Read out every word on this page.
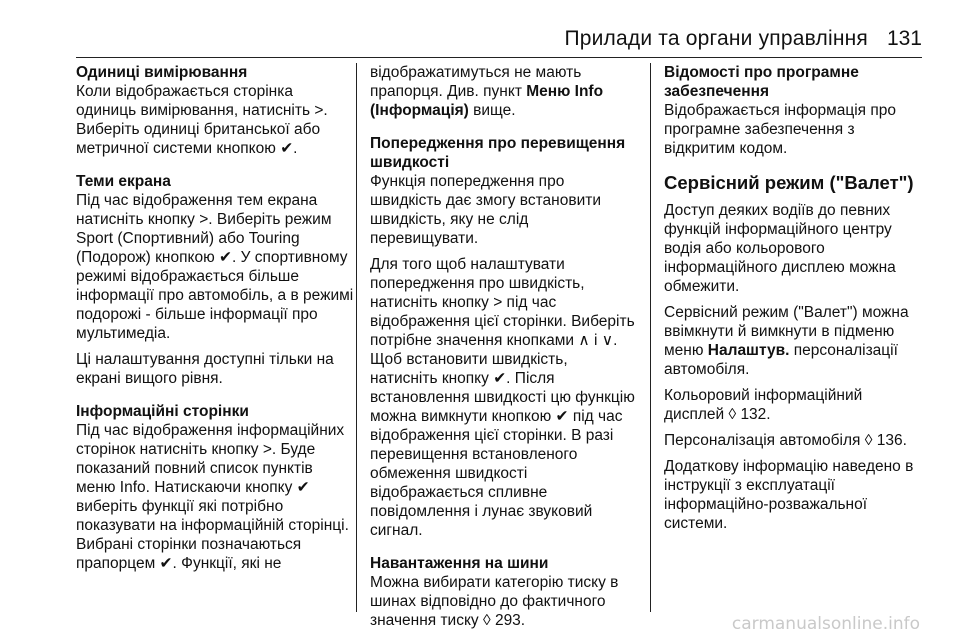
Прилади та органи управління 131
Одиниці вимірювання

Коли відображається сторінка одиниць вимірювання, натисніть >. Виберіть одиниці британської або метричної системи кнопкою ✔.

Теми екрана

Під час відображення тем екрана натисніть кнопку >. Виберіть режим Sport (Спортивний) або Touring (Подорож) кнопкою ✔. У спортивному режимі відображається більше інформації про автомобіль, а в режимі подорожі - більше інформації про мультимедіа.

Ці налаштування доступні тільки на екрані вищого рівня.

Інформаційні сторінки

Під час відображення інформаційних сторінок натисніть кнопку >. Буде показаний повний список пунктів меню Info. Натискаючи кнопку ✔ виберіть функції які потрібно показувати на інформаційній сторінці. Вибрані сторінки позначаються прапорцем ✔. Функції, які не

відображатимуться не мають прапорця. Див. пункт Меню Info (Інформація) вище.

Попередження про перевищення швидкості

Функція попередження про швидкість дає змогу встановити швидкість, яку не слід перевищувати.

Для того щоб налаштувати попередження про швидкість, натисніть кнопку > під час відображення цієї сторінки. Виберіть потрібне значення кнопками ∧ і ∨. Щоб встановити швидкість, натисніть кнопку ✔. Після встановлення швидкості цю функцію можна вимкнути кнопкою ✔ під час відображення цієї сторінки. В разі перевищення встановленого обмеження швидкості відображається спливне повідомлення і лунає звуковий сигнал.

Навантаження на шини

Можна вибирати категорію тиску в шинах відповідно до фактичного значення тиску ◊ 293.

Відомості про програмне забезпечення

Відображається інформація про програмне забезпечення з відкритим кодом.

Сервісний режим ("Валет")

Доступ деяких водіїв до певних функцій інформаційного центру водія або кольорового інформаційного дисплею можна обмежити.

Сервісний режим ("Валет") можна ввімкнути й вимкнути в підменю меню Налаштув. персоналізації автомобіля.

Кольоровий інформаційний дисплей ◊ 132.

Персоналізація автомобіля ◊ 136.

Додаткову інформацію наведено в інструкції з експлуатації інформаційно-розважальної системи.

carmanualsonline.info
